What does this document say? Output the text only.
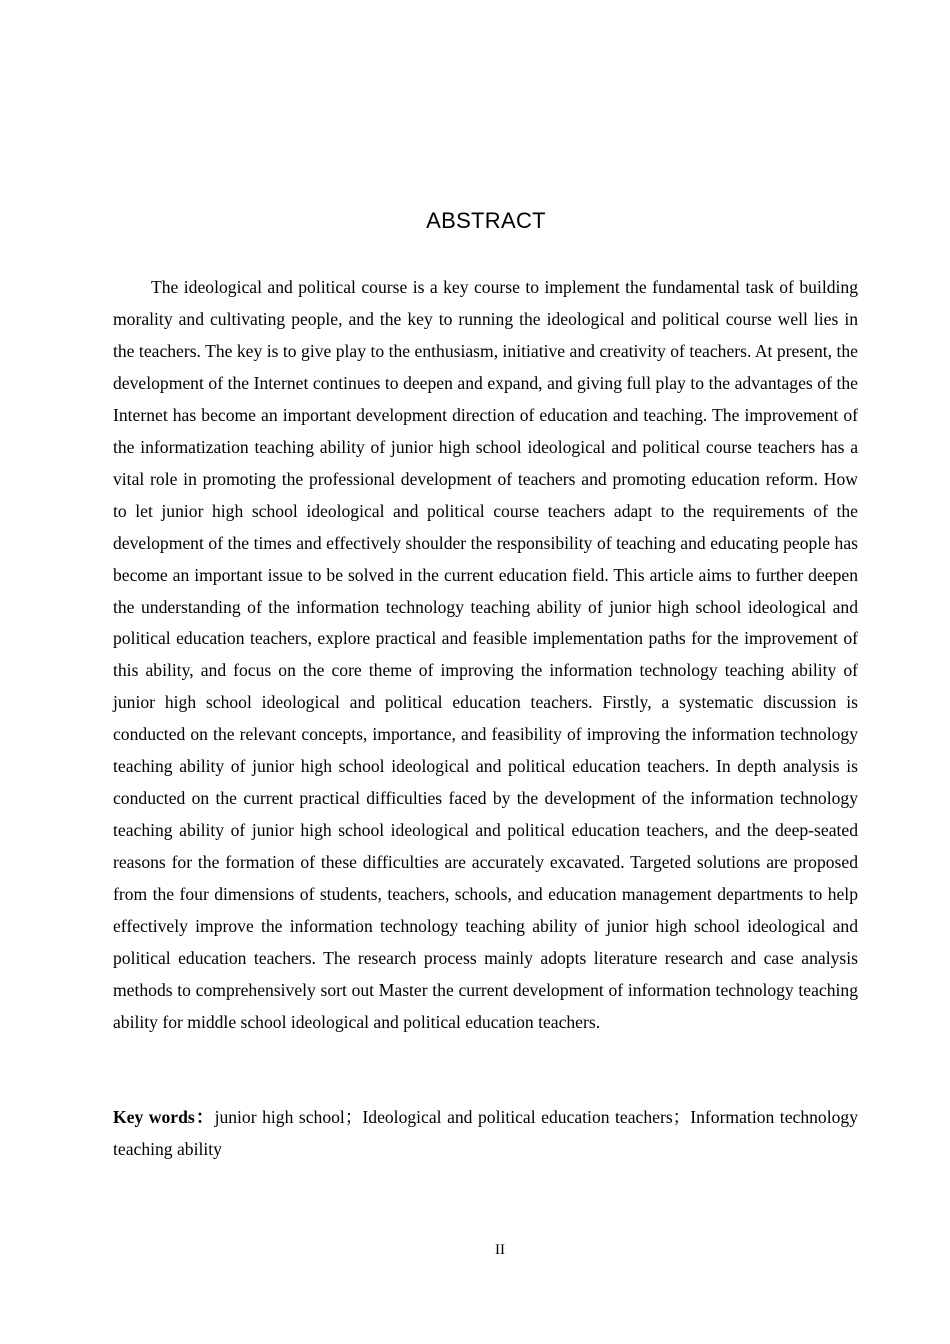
ABSTRACT

The ideological and political course is a key course to implement the fundamental task of building morality and cultivating people, and the key to running the ideological and political course well lies in the teachers. The key is to give play to the enthusiasm, initiative and creativity of teachers. At present, the development of the Internet continues to deepen and expand, and giving full play to the advantages of the Internet has become an important development direction of education and teaching. The improvement of the informatization teaching ability of junior high school ideological and political course teachers has a vital role in promoting the professional development of teachers and promoting education reform. How to let junior high school ideological and political course teachers adapt to the requirements of the development of the times and effectively shoulder the responsibility of teaching and educating people has become an important issue to be solved in the current education field. This article aims to further deepen the understanding of the information technology teaching ability of junior high school ideological and political education teachers, explore practical and feasible implementation paths for the improvement of this ability, and focus on the core theme of improving the information technology teaching ability of junior high school ideological and political education teachers. Firstly, a systematic discussion is conducted on the relevant concepts, importance, and feasibility of improving the information technology teaching ability of junior high school ideological and political education teachers. In depth analysis is conducted on the current practical difficulties faced by the development of the information technology teaching ability of junior high school ideological and political education teachers, and the deep-seated reasons for the formation of these difficulties are accurately excavated. Targeted solutions are proposed from the four dimensions of students, teachers, schools, and education management departments to help effectively improve the information technology teaching ability of junior high school ideological and political education teachers. The research process mainly adopts literature research and case analysis methods to comprehensively sort out Master the current development of information technology teaching ability for middle school ideological and political education teachers.

Key words：junior high school；Ideological and political education teachers；Information technology teaching ability

II
